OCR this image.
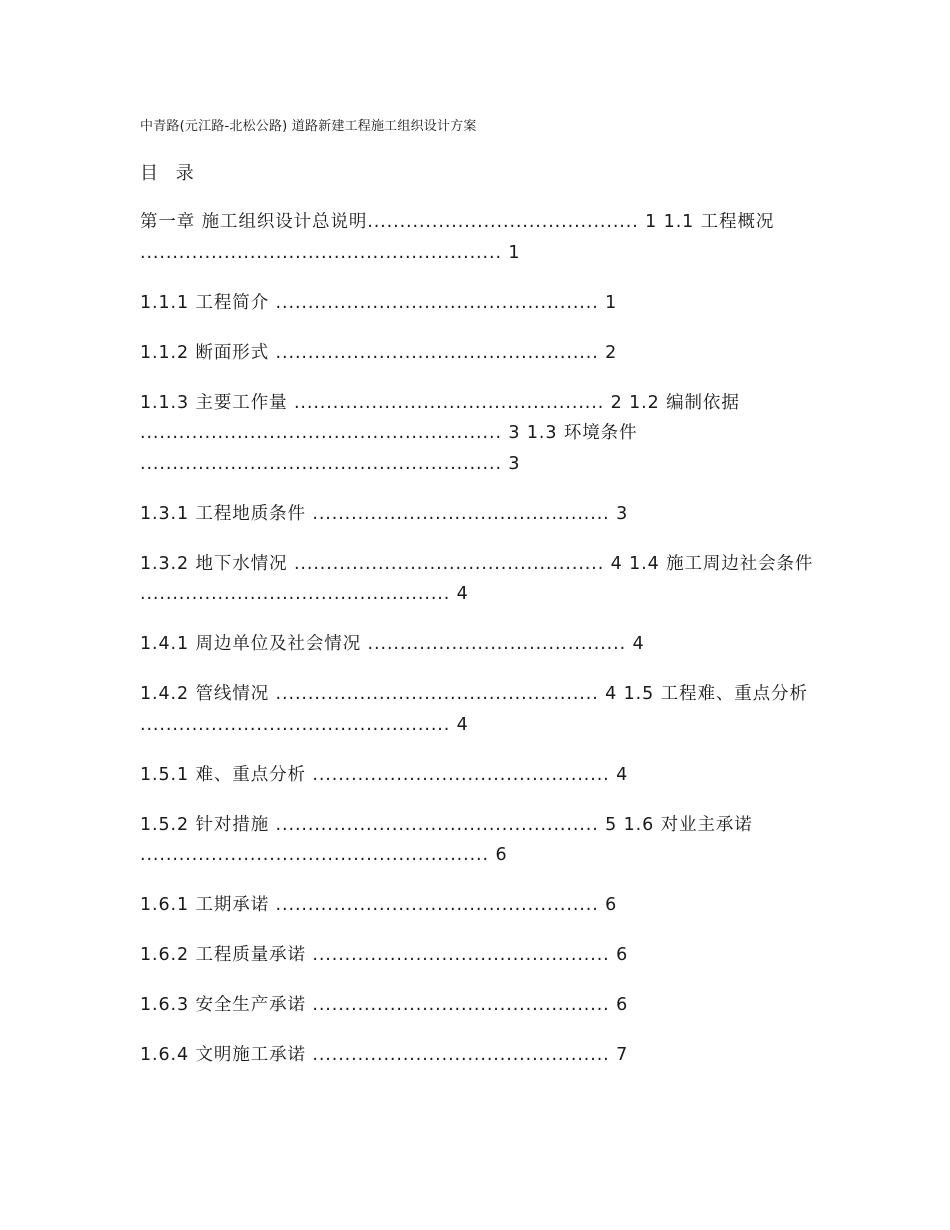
中青路(元江路-北松公路) 道路新建工程施工组织设计方案
目 录

第一章 施工组织设计总说明.......................................... 1 1.1 工程概况 ........................................................ 1

1.1.1 工程简介 .................................................. 1

1.1.2 断面形式 .................................................. 2

1.1.3 主要工作量 ................................................ 2 1.2 编制依据 ........................................................ 3 1.3 环境条件 ........................................................ 3

1.3.1 工程地质条件 .............................................. 3

1.3.2 地下水情况 ................................................ 4 1.4 施工周边社会条件 ................................................ 4

1.4.1 周边单位及社会情况 ........................................ 4

1.4.2 管线情况 .................................................. 4 1.5 工程难、重点分析 ................................................ 4

1.5.1 难、重点分析 .............................................. 4

1.5.2 针对措施 .................................................. 5 1.6 对业主承诺 ...................................................... 6

1.6.1 工期承诺 .................................................. 6

1.6.2 工程质量承诺 .............................................. 6

1.6.3 安全生产承诺 .............................................. 6

1.6.4 文明施工承诺 .............................................. 7
